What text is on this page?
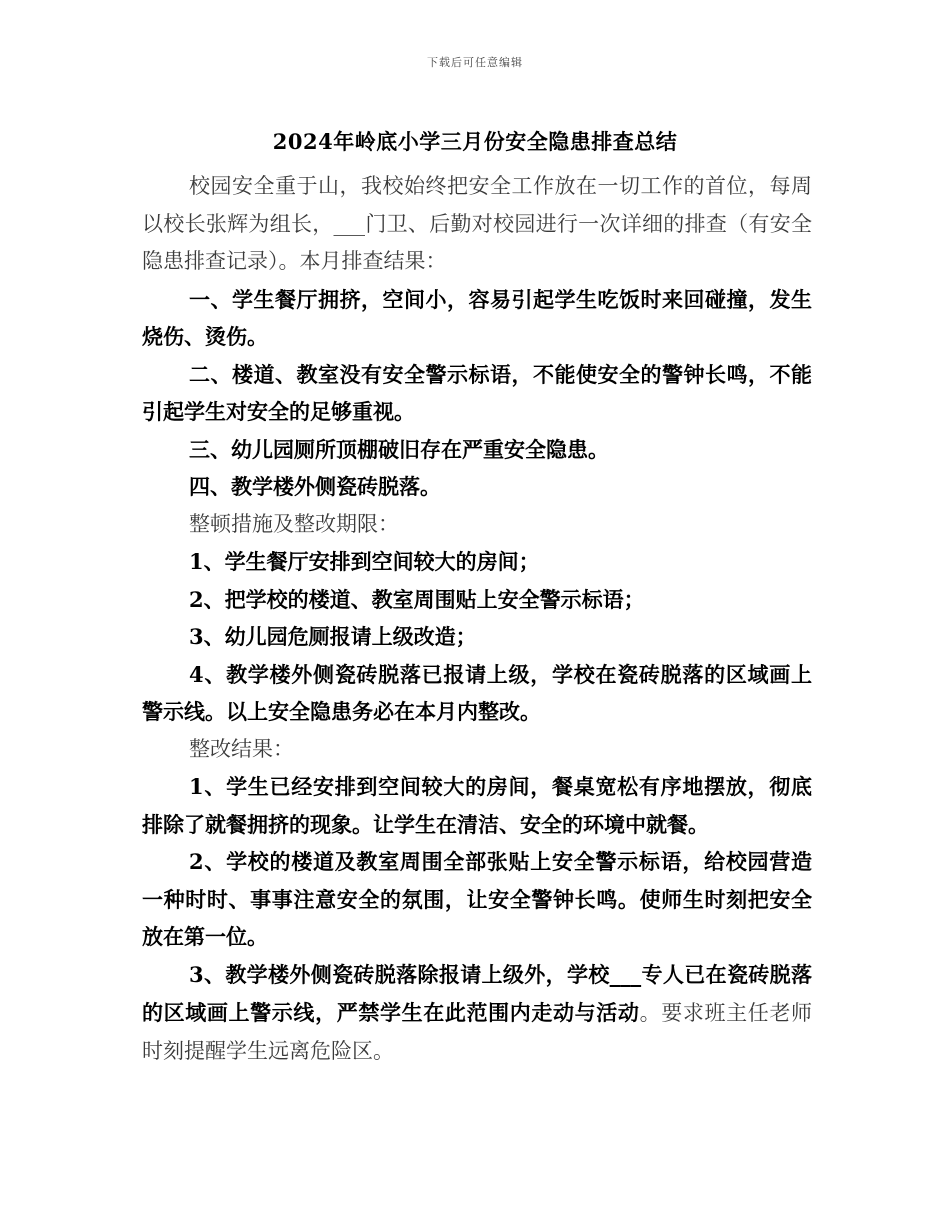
下载后可任意编辑
2024年岭底小学三月份安全隐患排查总结

校园安全重于山，我校始终把安全工作放在一切工作的首位，每周以校长张辉为组长，___门卫、后勤对校园进行一次详细的排查（有安全隐患排查记录）。本月排查结果：

一、学生餐厅拥挤，空间小，容易引起学生吃饭时来回碰撞，发生烧伤、烫伤。

二、楼道、教室没有安全警示标语，不能使安全的警钟长鸣，不能引起学生对安全的足够重视。

三、幼儿园厕所顶棚破旧存在严重安全隐患。

四、教学楼外侧瓷砖脱落。

整顿措施及整改期限：

1、学生餐厅安排到空间较大的房间；

2、把学校的楼道、教室周围贴上安全警示标语；

3、幼儿园危厕报请上级改造；

4、教学楼外侧瓷砖脱落已报请上级，学校在瓷砖脱落的区域画上警示线。以上安全隐患务必在本月内整改。

整改结果：

1、学生已经安排到空间较大的房间，餐桌宽松有序地摆放，彻底排除了就餐拥挤的现象。让学生在清洁、安全的环境中就餐。

2、学校的楼道及教室周围全部张贴上安全警示标语，给校园营造一种时时、事事注意安全的氛围，让安全警钟长鸣。使师生时刻把安全放在第一位。

3、教学楼外侧瓷砖脱落除报请上级外，学校___专人已在瓷砖脱落的区域画上警示线，严禁学生在此范围内走动与活动。要求班主任老师时刻提醒学生远离危险区。
